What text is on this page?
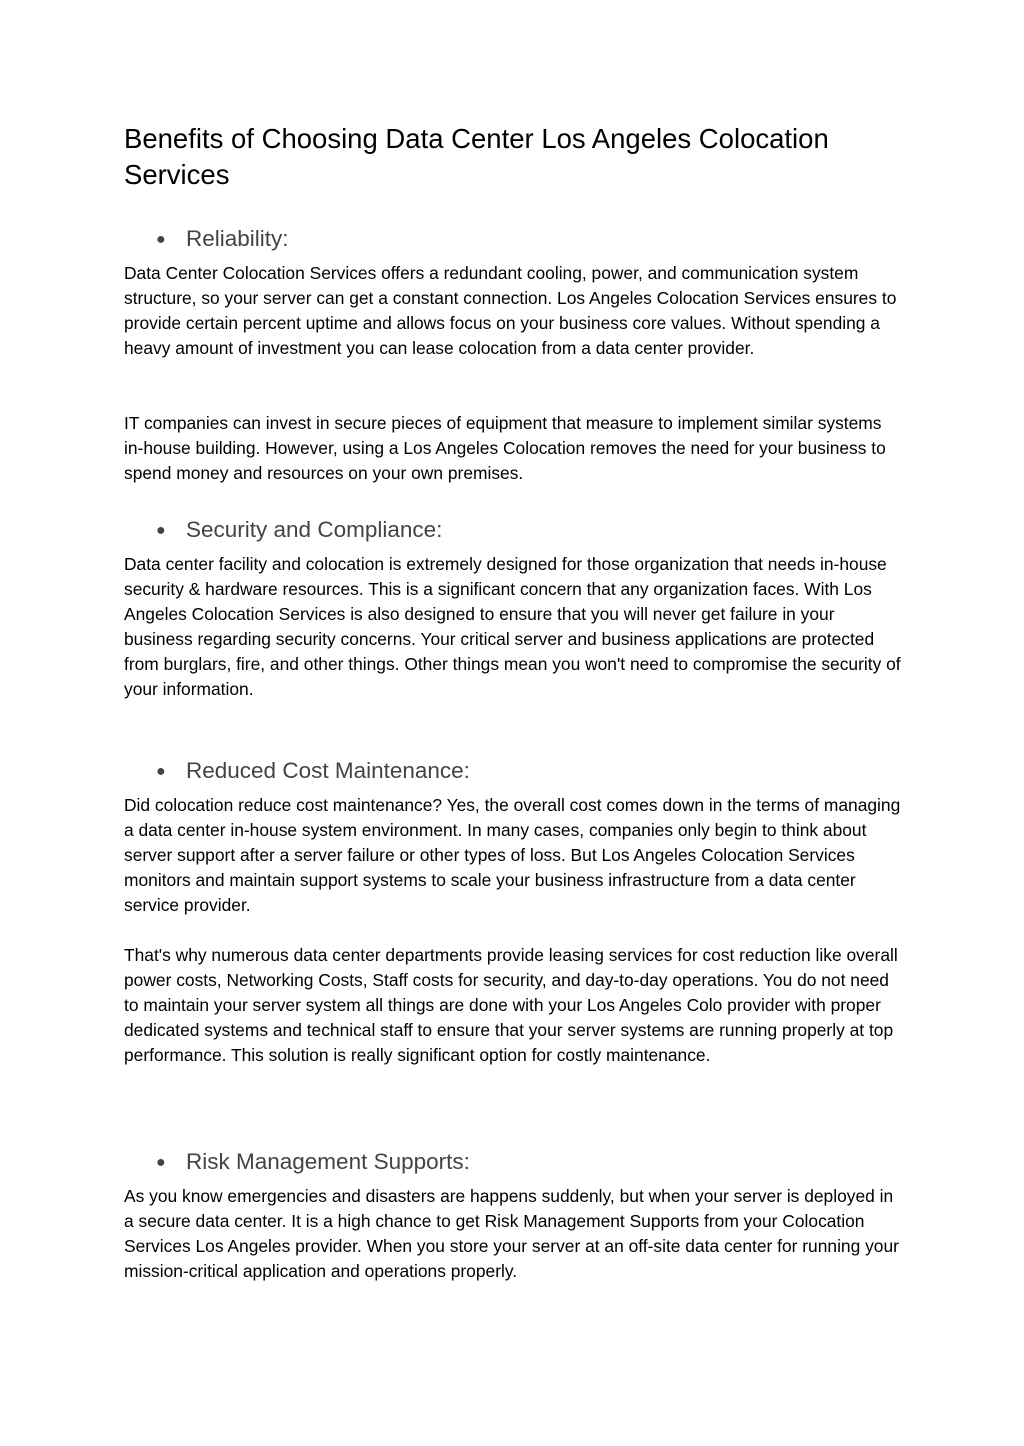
Benefits of Choosing Data Center Los Angeles Colocation Services
● Reliability:

Data Center Colocation Services offers a redundant cooling, power, and communication system structure, so your server can get a constant connection. Los Angeles Colocation Services ensures to provide certain percent uptime and allows focus on your business core values. Without spending a heavy amount of investment you can lease colocation from a data center provider.

IT companies can invest in secure pieces of equipment that measure to implement similar systems in-house building. However, using a Los Angeles Colocation removes the need for your business to spend money and resources on your own premises.

● Security and Compliance:

Data center facility and colocation is extremely designed for those organization that needs in-house security & hardware resources. This is a significant concern that any organization faces. With Los Angeles Colocation Services is also designed to ensure that you will never get failure in your business regarding security concerns. Your critical server and business applications are protected from burglars, fire, and other things. Other things mean you won't need to compromise the security of your information.

● Reduced Cost Maintenance:

Did colocation reduce cost maintenance? Yes, the overall cost comes down in the terms of managing a data center in-house system environment. In many cases, companies only begin to think about server support after a server failure or other types of loss. But Los Angeles Colocation Services monitors and maintain support systems to scale your business infrastructure from a data center service provider.

That's why numerous data center departments provide leasing services for cost reduction like overall power costs, Networking Costs, Staff costs for security, and day-to-day operations. You do not need to maintain your server system all things are done with your Los Angeles Colo provider with proper dedicated systems and technical staff to ensure that your server systems are running properly at top performance. This solution is really significant option for costly maintenance.

● Risk Management Supports:

As you know emergencies and disasters are happens suddenly, but when your server is deployed in a secure data center. It is a high chance to get Risk Management Supports from your Colocation Services Los Angeles provider. When you store your server at an off-site data center for running your mission-critical application and operations properly.
